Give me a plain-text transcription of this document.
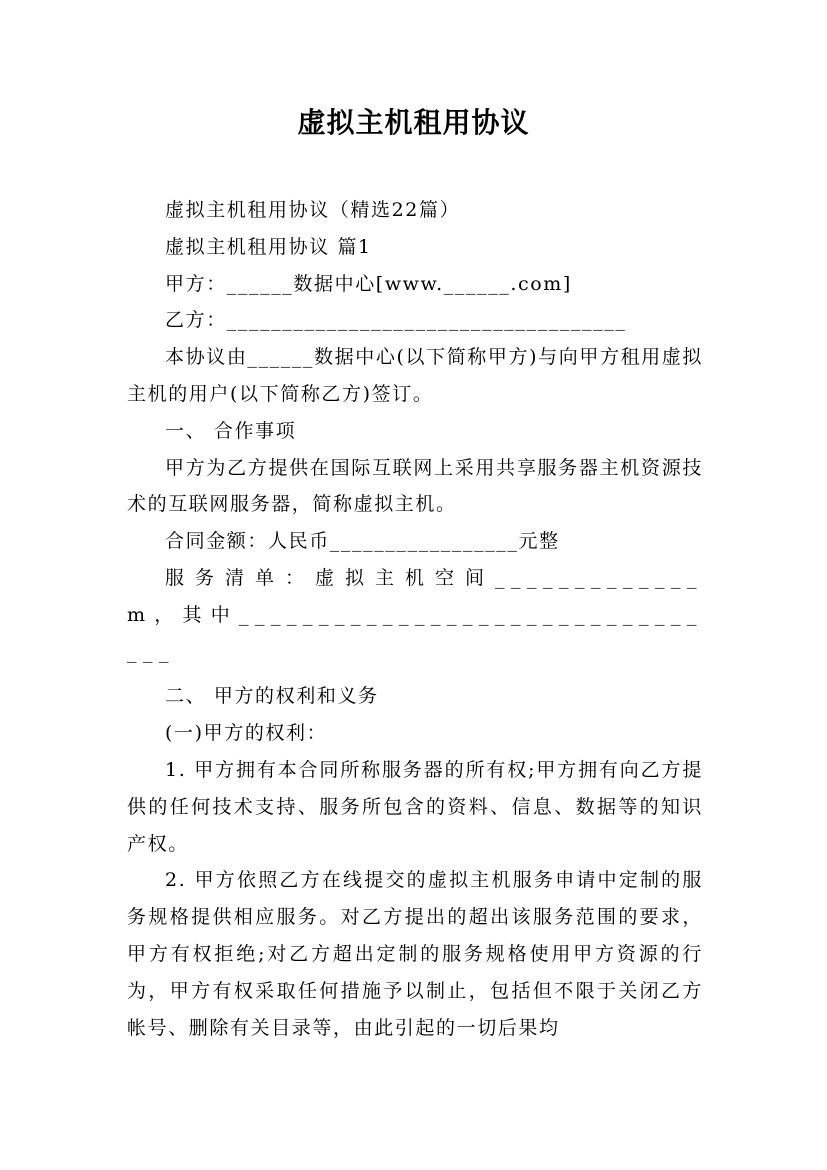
虚拟主机租用协议

虚拟主机租用协议（精选22篇）

虚拟主机租用协议 篇1

甲方：______数据中心[www.______.com]

乙方：____________________________________

本协议由______数据中心(以下简称甲方)与向甲方租用虚拟主机的用户(以下简称乙方)签订。

一、 合作事项

甲方为乙方提供在国际互联网上采用共享服务器主机资源技术的互联网服务器，简称虚拟主机。

合同金额：人民币_________________元整

服务清单：虚拟主机空间_____________m，其中________________________________

二、 甲方的权利和义务

(一)甲方的权利：

1. 甲方拥有本合同所称服务器的所有权;甲方拥有向乙方提供的任何技术支持、服务所包含的资料、信息、数据等的知识产权。

2. 甲方依照乙方在线提交的虚拟主机服务申请中定制的服务规格提供相应服务。对乙方提出的超出该服务范围的要求，甲方有权拒绝;对乙方超出定制的服务规格使用甲方资源的行为，甲方有权采取任何措施予以制止，包括但不限于关闭乙方帐号、删除有关目录等，由此引起的一切后果均
